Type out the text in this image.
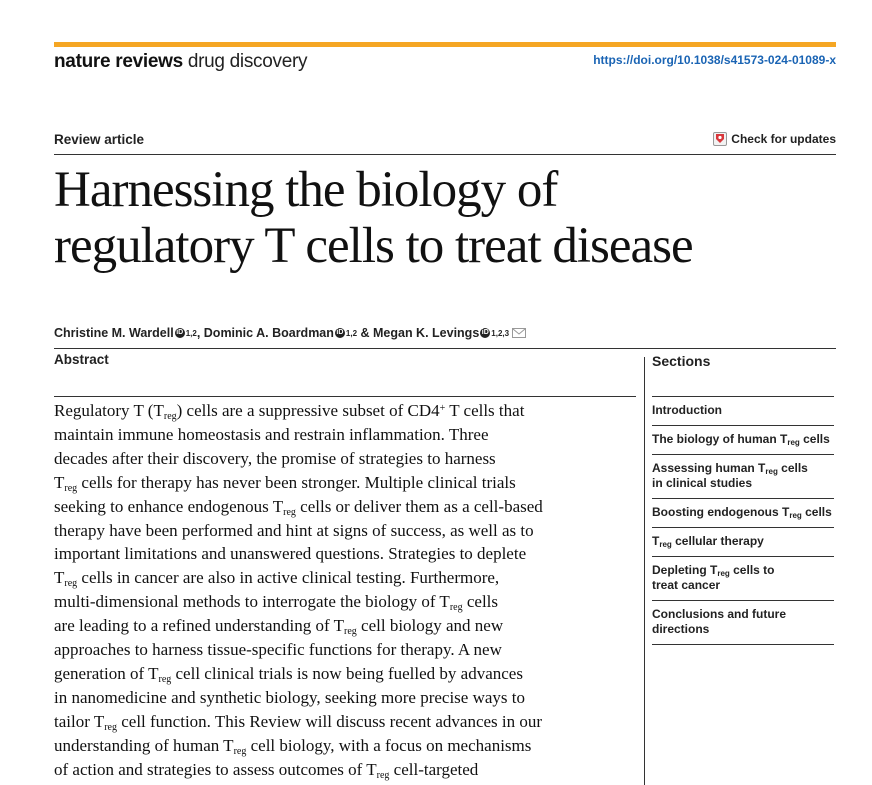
nature reviews drug discovery	https://doi.org/10.1038/s41573-024-01089-x
Review article	Check for updates
Harnessing the biology of
regulatory T cells to treat disease
Christine M. Wardell iD 1,2 , Dominic A. Boardman iD 1,2 & Megan K. Levings iD 1,2,3
Abstract

Regulatory T $(T_{reg})$ cells are a suppressive subset of CD4+ T cells that
maintain immune homeostasis and restrain inflammation. Three
decades after their discovery, the promise of strategies to harness
$T_{reg}$ cells for therapy has never been stronger. Multiple clinical trials
seeking to enhance endogenous $T_{reg}$ cells or deliver them as a cell-based
therapy have been performed and hint at signs of success, as well as to
important limitations and unanswered questions. Strategies to deplete
$T_{reg}$ cells in cancer are also in active clinical testing. Furthermore,
multi-dimensional methods to interrogate the biology of $T_{reg}$ cells
are leading to a refined understanding of $T_{reg}$ cell biology and new
approaches to harness tissue-specific functions for therapy. A new
generation of $T_{reg}$ cell clinical trials is now being fuelled by advances
in nanomedicine and synthetic biology, seeking more precise ways to
tailor $T_{reg}$ cell function. This Review will discuss recent advances in our
understanding of human $T_{reg}$ cell biology, with a focus on mechanisms
of action and strategies to assess outcomes of $T_{reg}$ cell-targeted

Sections
Introduction
The biology of human $T_{reg}$ cells
Assessing human $T_{reg}$ cells
in clinical studies
Boosting endogenous $T_{reg}$ cells
$T_{reg}$ cellular therapy
Depleting $T_{reg}$ cells to
treat cancer
Conclusions and future
directions
